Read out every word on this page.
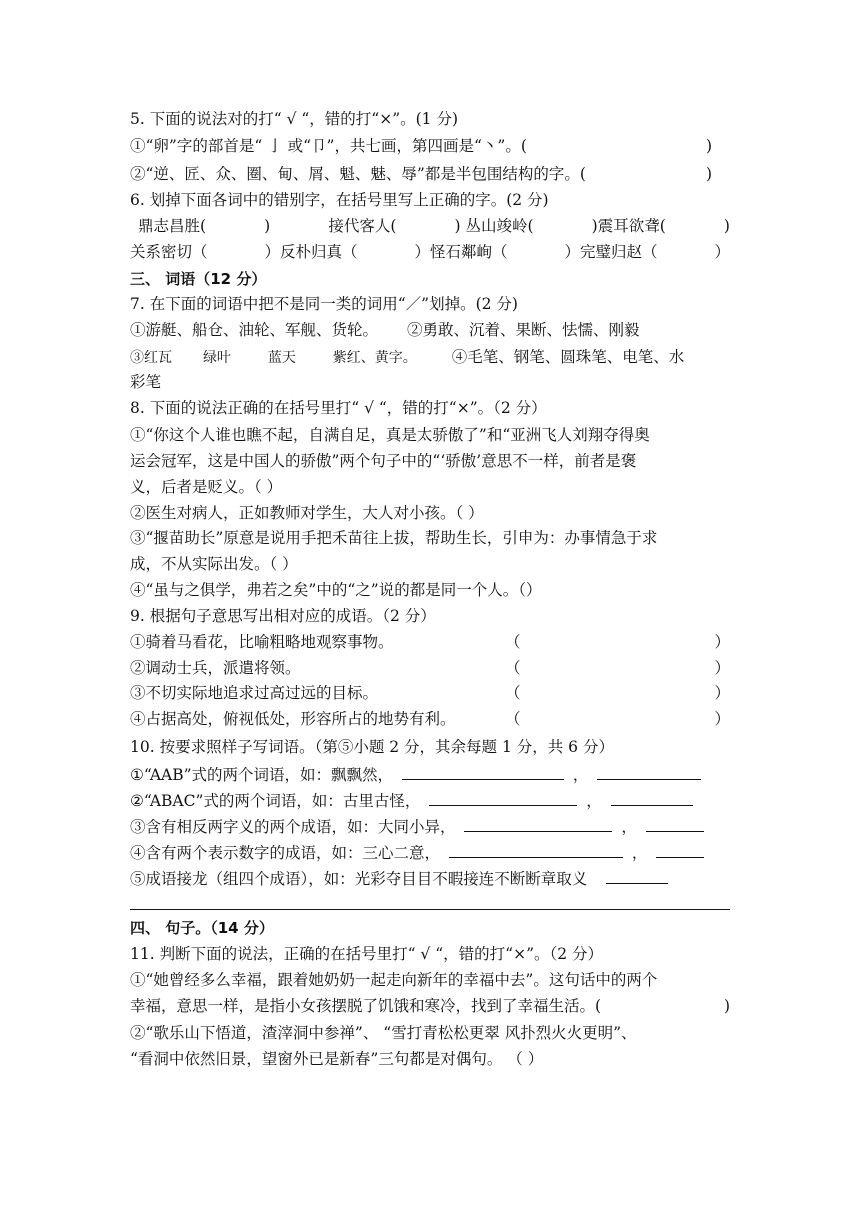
5. 下面的说法对的打“ √ “，错的打“×”。(1 分)
①“卵”字的部首是“ 亅 或“卩”，共七画，第四画是“丶”。(	)
②“逆、匠、众、圈、甸、屑、魁、魅、辱”都是半包围结构的字。(	)
6. 划掉下面各词中的错别字，在括号里写上正确的字。(2 分)
鼎志昌胜(	)	接代客人(	) 丛山竣岭(	)震耳欲聋(	)
关系密切（	）反朴归真（	）怪石鄰峋（	）完璧归赵（	）
三、 词语（12 分）
7. 在下面的词语中把不是同一类的词用“／”划掉。(2 分)
①游艇、船仓、油轮、军舰、货轮。 ②勇敢、沉着、果断、怯懦、刚毅
③红瓦 绿叶	蓝天	紫红、黄字。 ④毛笔、钢笔、圆珠笔、电笔、水
彩笔
8. 下面的说法正确的在括号里打“ √ “，错的打“×”。（2 分）
①“你这个人谁也瞧不起，自满自足，真是太骄傲了”和“亚洲飞人刘翔夺得奥
运会冠军，这是中国人的骄傲”两个句子中的“‘骄傲’意思不一样，前者是褒
义，后者是贬义。（ ）
②医生对病人，正如教师对学生，大人对小孩。（ ）
③“揠苗助长”原意是说用手把禾苗往上拔，帮助生长，引申为：办事情急于求
成，不从实际出发。（ ）
④“虽与之俱学，弗若之矣”中的“之”说的都是同一个人。（）
9. 根据句子意思写出相对应的成语。（2 分）
①骑着马看花，比喻粗略地观察事物。	（	）
②调动士兵，派遣将领。	（	）
③不切实际地追求过高过远的目标。	（	）
④占据高处，俯视低处，形容所占的地势有利。	（	）
10. 按要求照样子写词语。（第⑤小题 2 分，其余每题 1 分，共 6 分）
①“AAB”式的两个词语，如：飘飘然，	，
②“ABAC”式的两个词语，如：古里古怪，	，
③含有相反两字义的两个成语，如：大同小异，	，
④含有两个表示数字的成语，如：三心二意，	，
⑤成语接龙（组四个成语），如：光彩夺目目不暇接连不断断章取义
四、 句子。（14 分）
11. 判断下面的说法，正确的在括号里打“ √ “，错的打“×”。（2 分）
①“她曾经多么幸福，跟着她奶奶一起走向新年的幸福中去”。这句话中的两个
幸福，意思一样，是指小女孩摆脱了饥饿和寒冷，找到了幸福生活。(	)
②“歌乐山下悟道，渣滓洞中参禅”、 “雪打青松松更翠 风扑烈火火更明”、
“看洞中依然旧景，望窗外已是新春”三句都是对偶句。 （ ）
